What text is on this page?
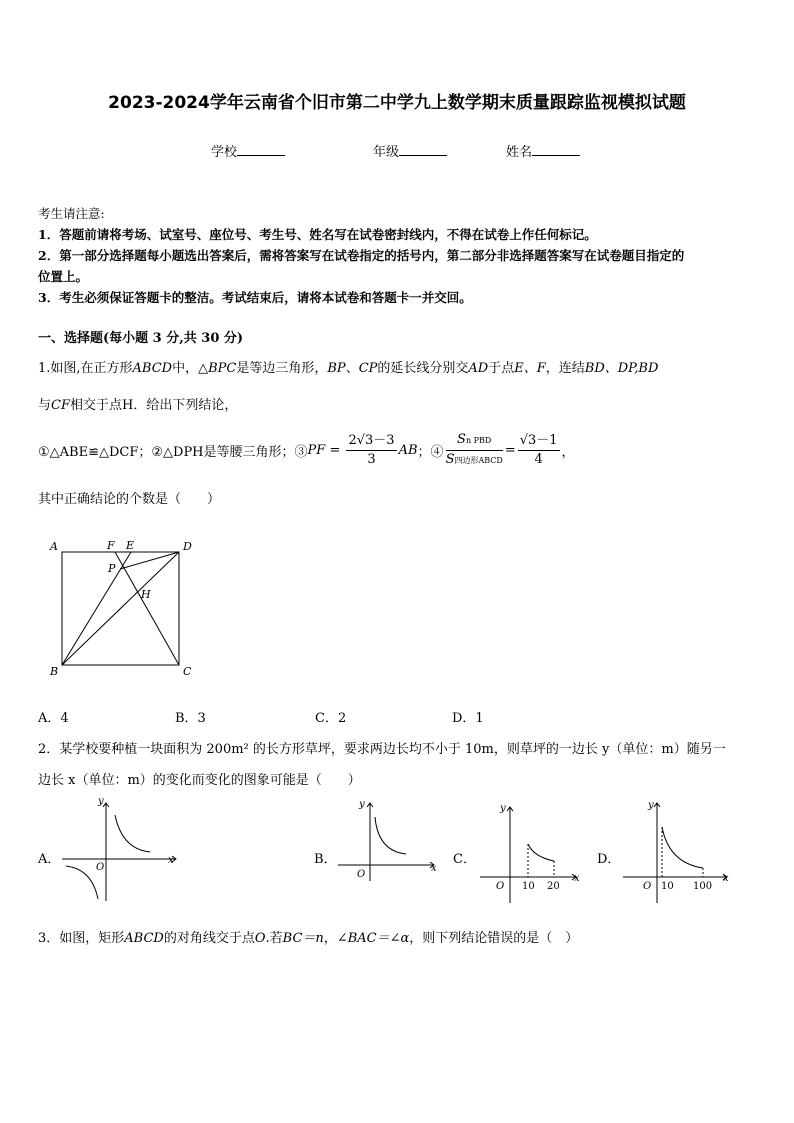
2023-2024学年云南省个旧市第二中学九上数学期末质量跟踪监视模拟试题
学校	年级	姓名
考生请注意:
1．答题前请将考场、试室号、座位号、考生号、姓名写在试卷密封线内，不得在试卷上作任何标记。
2．第一部分选择题每小题选出答案后，需将答案写在试卷指定的括号内，第二部分非选择题答案写在试卷题目指定的
位置上。
3．考生必须保证答题卡的整洁。考试结束后，请将本试卷和答题卡一并交回。
一、选择题(每小题 3 分,共 30 分)
1.如图,在正方形ABCD中，△BPC是等边三角形，BP、CP的延长线分别交AD于点E、F，连结BD、DP,BD
与CF相交于点H．给出下列结论，
①△ABE≌△DCF；②△DPH是等腰三角形；③ PF = $\frac{2√3-3}{3}$ AB ；④ $\frac{\text{Sn PBD}}{\text{S四边形ABCD}} = \frac{√3-1}{4}$ ，
其中正确结论的个数是（　　）
A	F E	D
P
H
B	C
A．4	B．3	C．2	D．1
2．某学校要种植一块面积为 200m² 的长方形草坪，要求两边长均不小于 10m，则草坪的一边长 y（单位：m）随另一
边长 x（单位：m）的变化而变化的图象可能是（　　）
A．
y
x
O
B．
y
x
O
C．
y
x
O 10 20
D．
y
x
O 10 100
3．如图，矩形ABCD的对角线交于点O.若BC＝n，∠BAC＝∠α，则下列结论错误的是（　）
